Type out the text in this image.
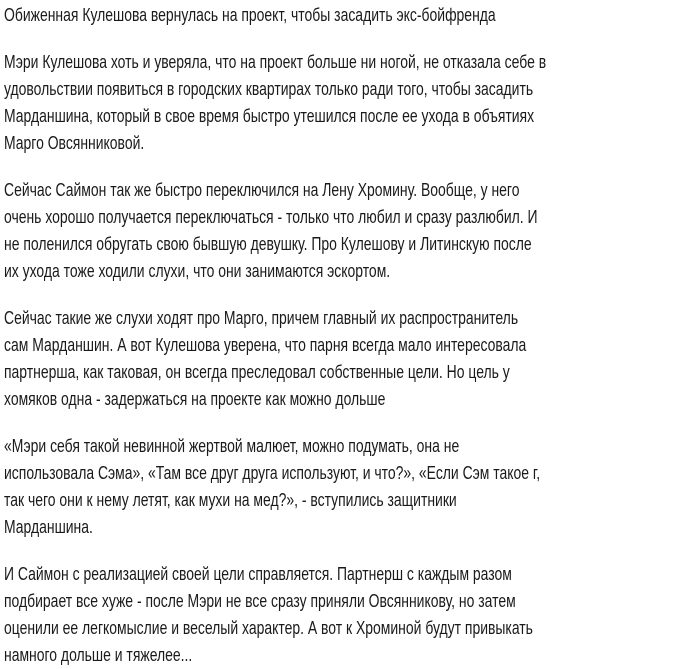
Обиженная Кулешова вернулась на проект, чтобы засадить экс-бойфренда

Мэри Кулешова хоть и уверяла, что на проект больше ни ногой, не отказала себе в
удовольствии появиться в городских квартирах только ради того, чтобы засадить
Марданшина, который в свое время быстро утешился после ее ухода в объятиях
Марго Овсянниковой.

Сейчас Саймон так же быстро переключился на Лену Хромину. Вообще, у него
очень хорошо получается переключаться - только что любил и сразу разлюбил. И
не поленился обругать свою бывшую девушку. Про Кулешову и Литинскую после
их ухода тоже ходили слухи, что они занимаются эскортом.

Сейчас такие же слухи ходят про Марго, причем главный их распространитель
сам Марданшин. А вот Кулешова уверена, что парня всегда мало интересовала
партнерша, как таковая, он всегда преследовал собственные цели. Но цель у
хомяков одна - задержаться на проекте как можно дольше

«Мэри себя такой невинной жертвой малюет, можно подумать, она не
использовала Сэма», «Там все друг друга используют, и что?», «Если Сэм такое г,
так чего они к нему летят, как мухи на мед?», - вступились защитники
Марданшина.

И Саймон с реализацией своей цели справляется. Партнерш с каждым разом
подбирает все хуже - после Мэри не все сразу приняли Овсянникову, но затем
оценили ее легкомыслие и веселый характер. А вот к Хроминой будут привыкать
намного дольше и тяжелее...
